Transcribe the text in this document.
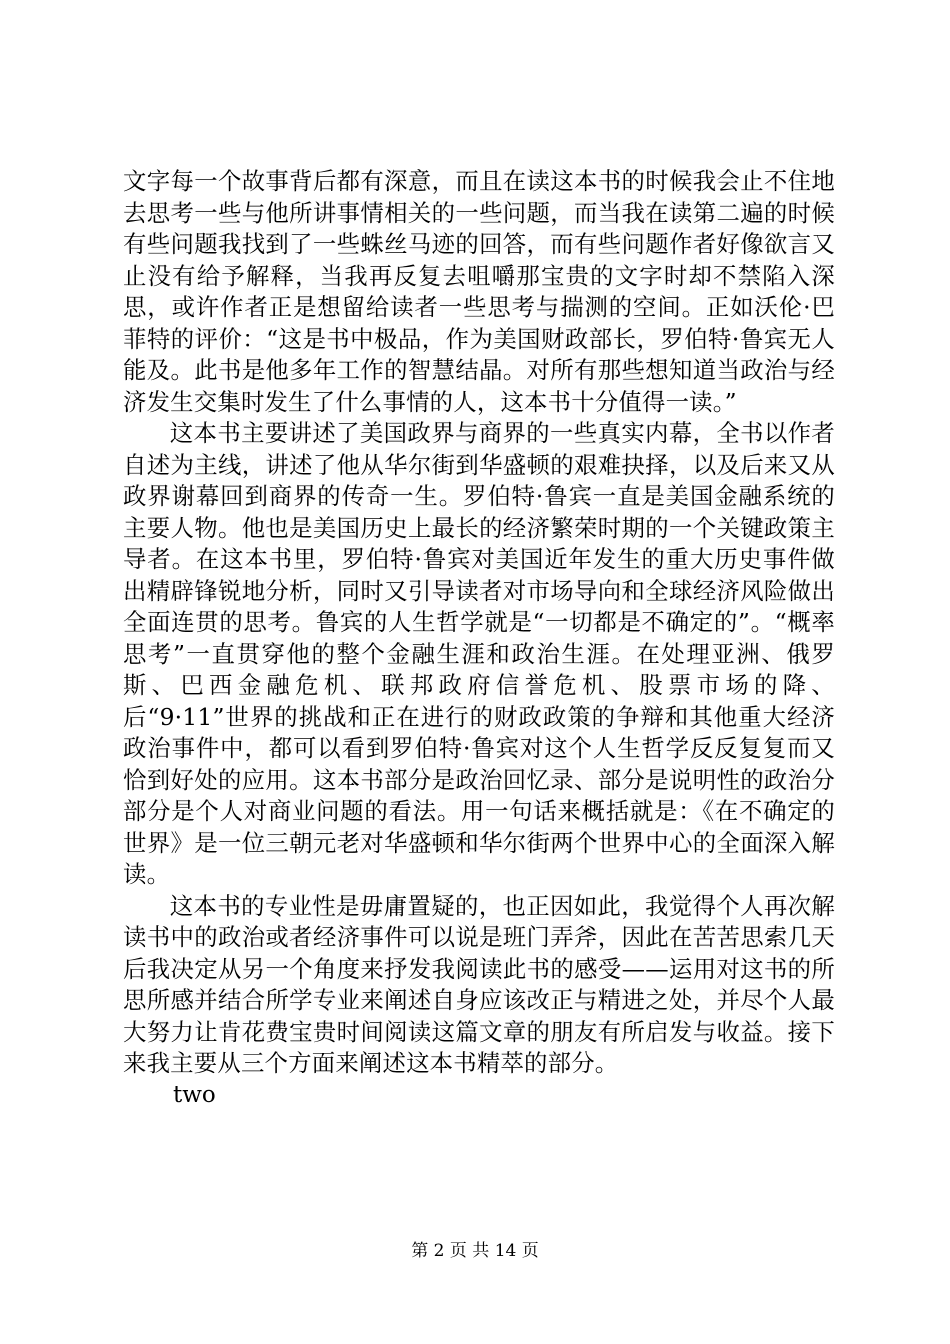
文字每一个故事背后都有深意，而且在读这本书的时候我会止不住地去思考一些与他所讲事情相关的一些问题，而当我在读第二遍的时候有些问题我找到了一些蛛丝马迹的回答，而有些问题作者好像欲言又止没有给予解释，当我再反复去咀嚼那宝贵的文字时却不禁陷入深思，或许作者正是想留给读者一些思考与揣测的空间。正如沃伦·巴菲特的评价：“这是书中极品，作为美国财政部长，罗伯特·鲁宾无人能及。此书是他多年工作的智慧结晶。对所有那些想知道当政治与经济发生交集时发生了什么事情的人，这本书十分值得一读。”

这本书主要讲述了美国政界与商界的一些真实内幕，全书以作者自述为主线，讲述了他从华尔街到华盛顿的艰难抉择，以及后来又从政界谢幕回到商界的传奇一生。罗伯特·鲁宾一直是美国金融系统的主要人物。他也是美国历史上最长的经济繁荣时期的一个关键政策主导者。在这本书里，罗伯特·鲁宾对美国近年发生的重大历史事件做出精辟锋锐地分析，同时又引导读者对市场导向和全球经济风险做出全面连贯的思考。鲁宾的人生哲学就是“一切都是不确定的”。“概率思考”一直贯穿他的整个金融生涯和政治生涯。在处理亚洲、俄罗斯、巴西金融危机、联邦政府信誉危机、股票市场的降、后“9·11”世界的挑战和正在进行的财政政策的争辩和其他重大经济政治事件中，都可以看到罗伯特·鲁宾对这个人生哲学反反复复而又恰到好处的应用。这本书部分是政治回忆录、部分是说明性的政治分部分是个人对商业问题的看法。用一句话来概括就是：《在不确定的世界》是一位三朝元老对华盛顿和华尔街两个世界中心的全面深入解读。

这本书的专业性是毋庸置疑的，也正因如此，我觉得个人再次解读书中的政治或者经济事件可以说是班门弄斧，因此在苦苦思索几天后我决定从另一个角度来抒发我阅读此书的感受——运用对这书的所思所感并结合所学专业来阐述自身应该改正与精进之处，并尽个人最大努力让肯花费宝贵时间阅读这篇文章的朋友有所启发与收益。接下来我主要从三个方面来阐述这本书精萃的部分。

two

第 2 页 共 14 页
